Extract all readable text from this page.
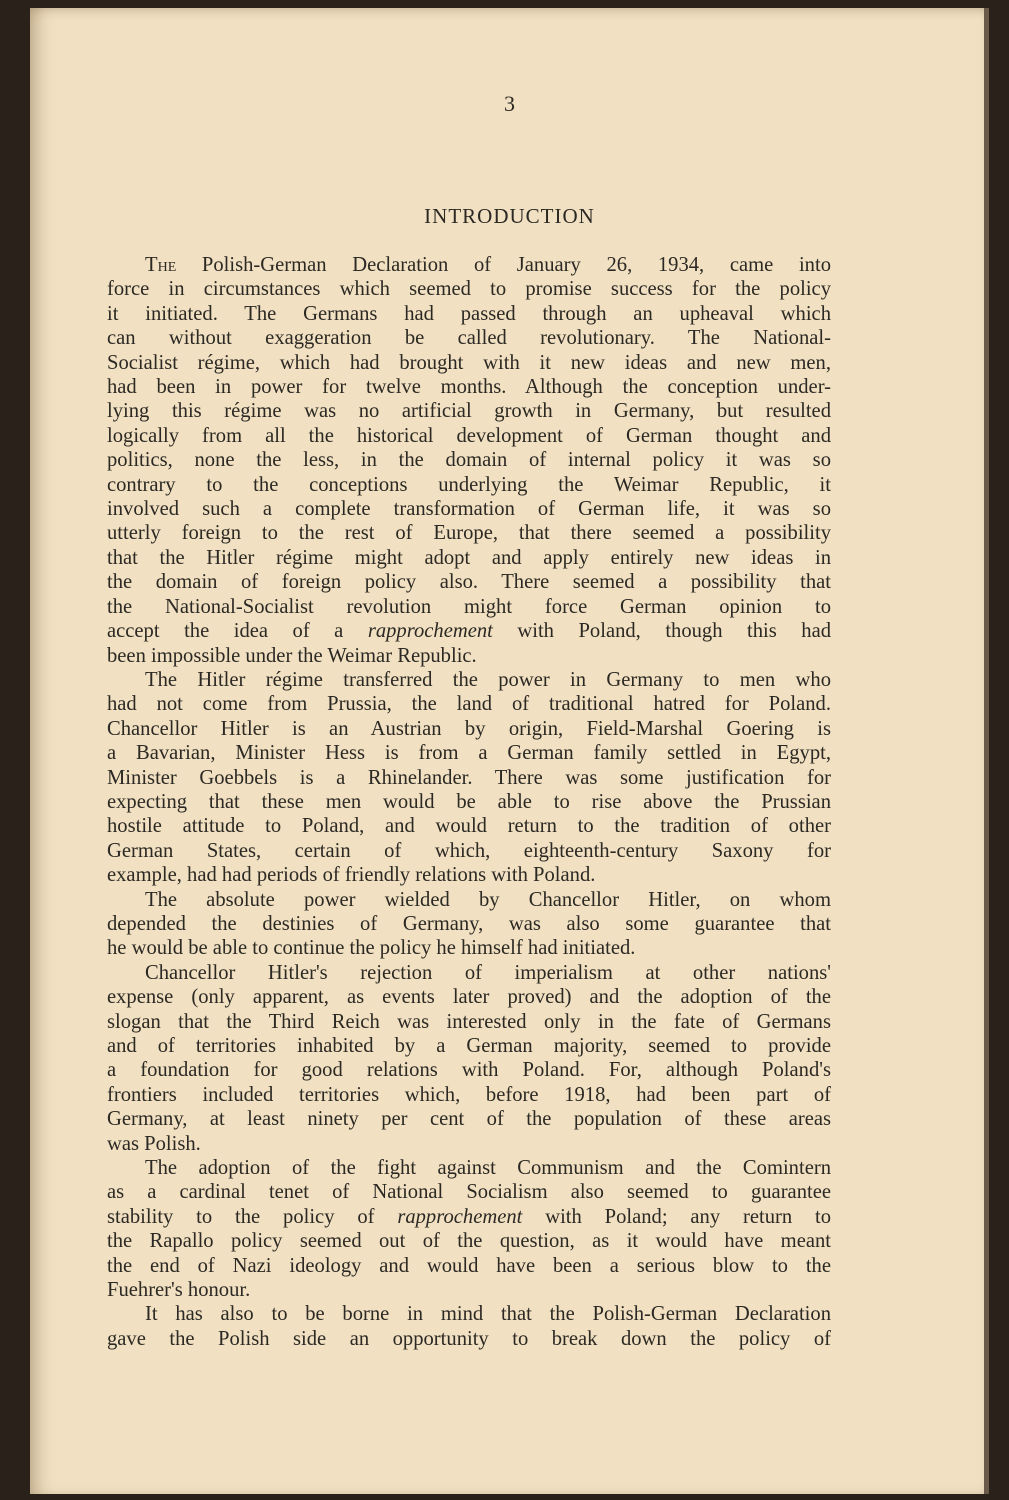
3
INTRODUCTION
The Polish-German Declaration of January 26, 1934, came into
force in circumstances which seemed to promise success for the policy
it initiated. The Germans had passed through an upheaval which
can without exaggeration be called revolutionary. The National-
Socialist régime, which had brought with it new ideas and new men,
had been in power for twelve months. Although the conception under-
lying this régime was no artificial growth in Germany, but resulted
logically from all the historical development of German thought and
politics, none the less, in the domain of internal policy it was so
contrary to the conceptions underlying the Weimar Republic, it
involved such a complete transformation of German life, it was so
utterly foreign to the rest of Europe, that there seemed a possibility
that the Hitler régime might adopt and apply entirely new ideas in
the domain of foreign policy also. There seemed a possibility that
the National-Socialist revolution might force German opinion to
accept the idea of a rapprochement with Poland, though this had
been impossible under the Weimar Republic.
The Hitler régime transferred the power in Germany to men who
had not come from Prussia, the land of traditional hatred for Poland.
Chancellor Hitler is an Austrian by origin, Field-Marshal Goering is
a Bavarian, Minister Hess is from a German family settled in Egypt,
Minister Goebbels is a Rhinelander. There was some justification for
expecting that these men would be able to rise above the Prussian
hostile attitude to Poland, and would return to the tradition of other
German States, certain of which, eighteenth-century Saxony for
example, had had periods of friendly relations with Poland.
The absolute power wielded by Chancellor Hitler, on whom
depended the destinies of Germany, was also some guarantee that
he would be able to continue the policy he himself had initiated.
Chancellor Hitler's rejection of imperialism at other nations'
expense (only apparent, as events later proved) and the adoption of the
slogan that the Third Reich was interested only in the fate of Germans
and of territories inhabited by a German majority, seemed to provide
a foundation for good relations with Poland. For, although Poland's
frontiers included territories which, before 1918, had been part of
Germany, at least ninety per cent of the population of these areas
was Polish.
The adoption of the fight against Communism and the Comintern
as a cardinal tenet of National Socialism also seemed to guarantee
stability to the policy of rapprochement with Poland; any return to
the Rapallo policy seemed out of the question, as it would have meant
the end of Nazi ideology and would have been a serious blow to the
Fuehrer's honour.
It has also to be borne in mind that the Polish-German Declaration
gave the Polish side an opportunity to break down the policy of
